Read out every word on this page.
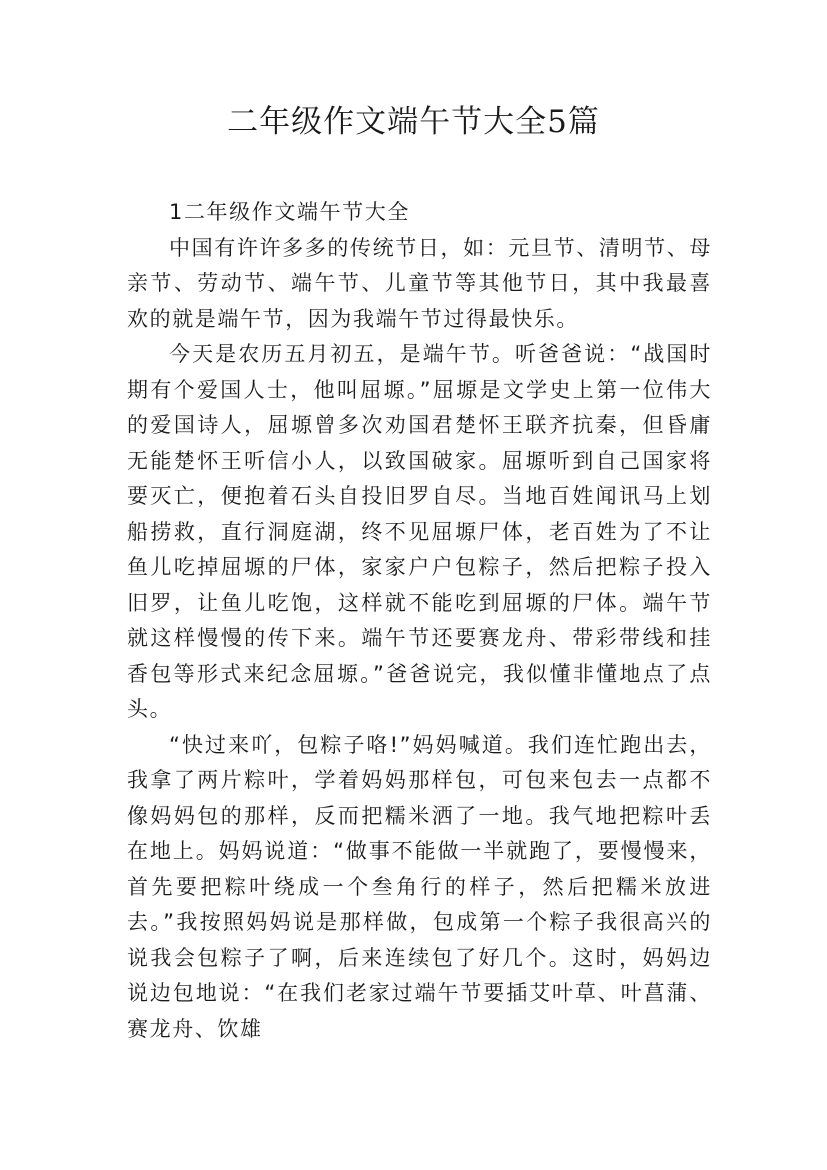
二年级作文端午节大全5篇

1二年级作文端午节大全

中国有许许多多的传统节日，如：元旦节、清明节、母亲节、劳动节、端午节、儿童节等其他节日，其中我最喜欢的就是端午节，因为我端午节过得最快乐。

今天是农历五月初五，是端午节。听爸爸说：“战国时期有个爱国人士，他叫屈塬。”屈塬是文学史上第一位伟大的爱国诗人，屈塬曾多次劝国君楚怀王联齐抗秦，但昏庸无能楚怀王听信小人，以致国破家。屈塬听到自己国家将要灭亡，便抱着石头自投旧罗自尽。当地百姓闻讯马上划船捞救，直行洞庭湖，终不见屈塬尸体，老百姓为了不让鱼儿吃掉屈塬的尸体，家家户户包粽子，然后把粽子投入旧罗，让鱼儿吃饱，这样就不能吃到屈塬的尸体。端午节就这样慢慢的传下来。端午节还要赛龙舟、带彩带线和挂香包等形式来纪念屈塬。”爸爸说完，我似懂非懂地点了点头。

“快过来吖，包粽子咯!”妈妈喊道。我们连忙跑出去，我拿了两片粽叶，学着妈妈那样包，可包来包去一点都不像妈妈包的那样，反而把糯米洒了一地。我气地把粽叶丢在地上。妈妈说道：“做事不能做一半就跑了，要慢慢来，首先要把粽叶绕成一个叁角行的样子，然后把糯米放进去。”我按照妈妈说是那样做，包成第一个粽子我很高兴的说我会包粽子了啊，后来连续包了好几个。这时，妈妈边说边包地说：“在我们老家过端午节要插艾叶草、叶菖蒲、赛龙舟、饮雄
